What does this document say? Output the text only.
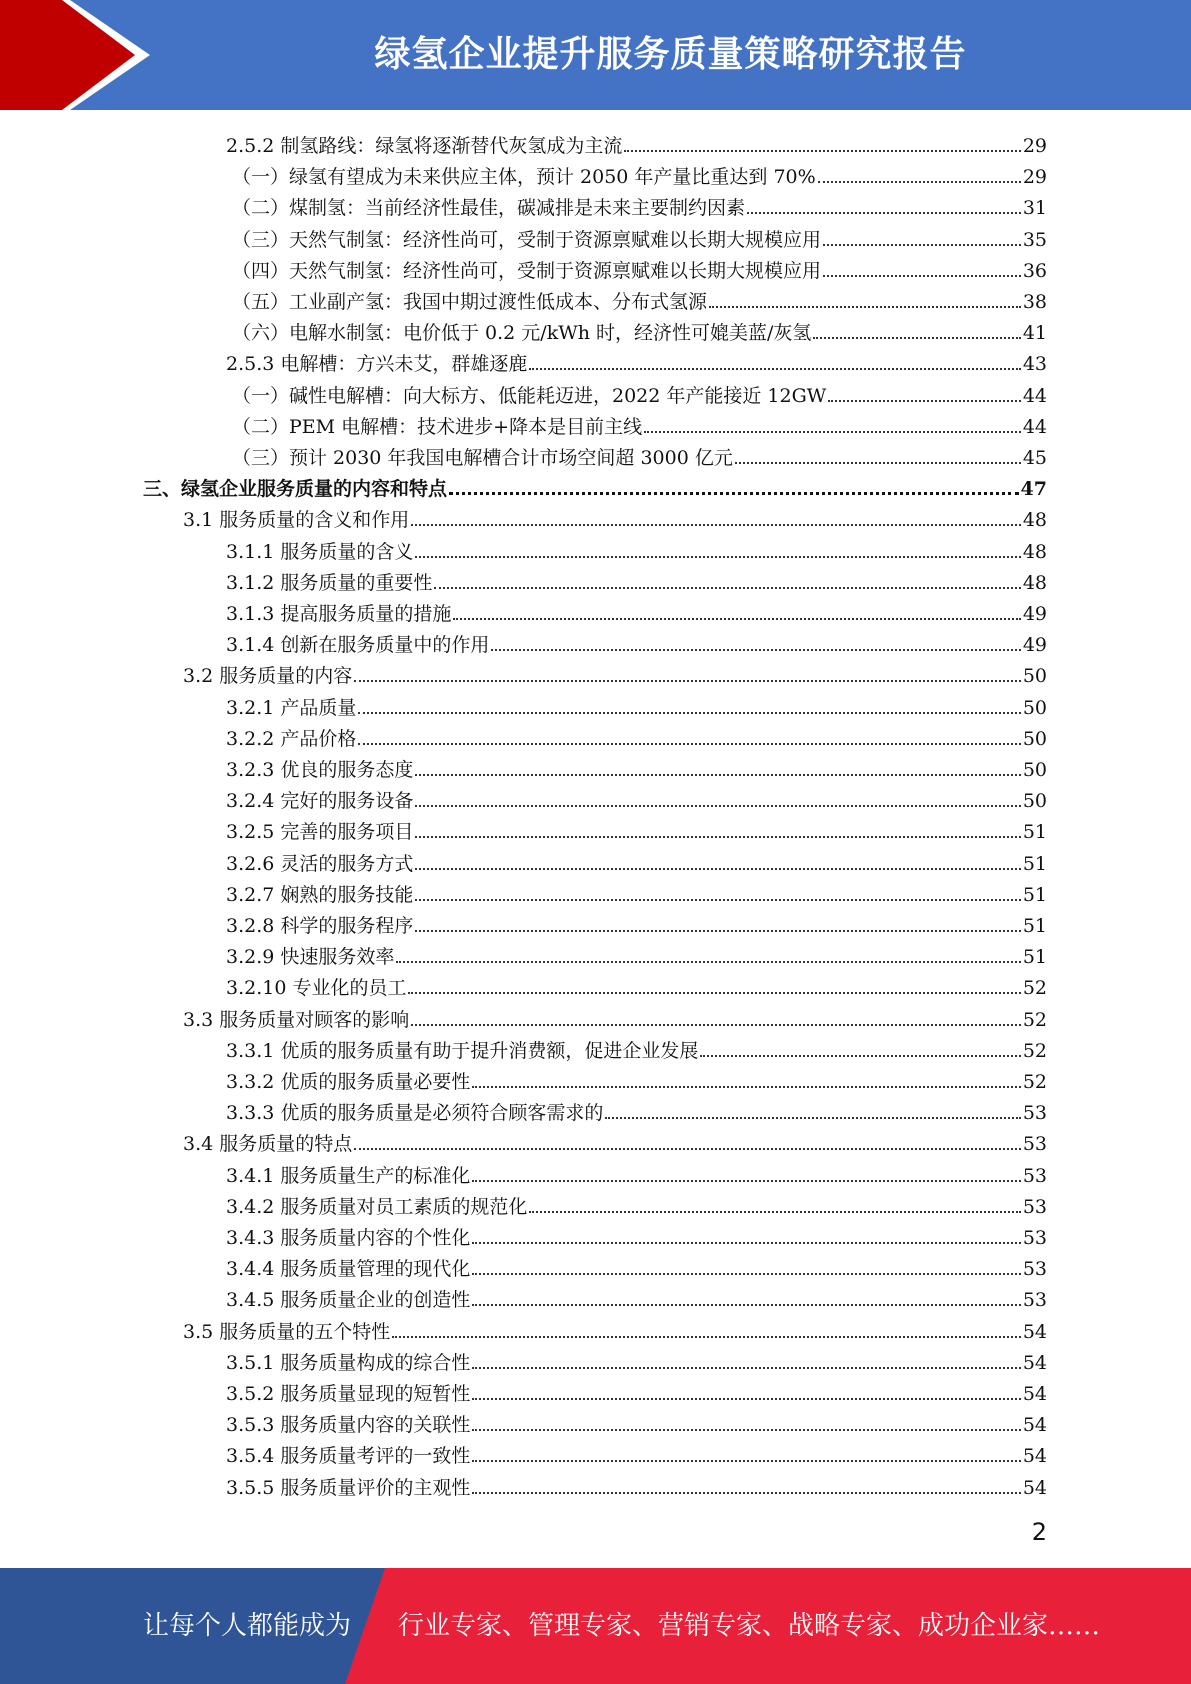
绿氢企业提升服务质量策略研究报告
2.5.2 制氢路线：绿氢将逐渐替代灰氢成为主流	29
（一）绿氢有望成为未来供应主体，预计 2050 年产量比重达到 70%	29
（二）煤制氢：当前经济性最佳，碳减排是未来主要制约因素	31
（三）天然气制氢：经济性尚可，受制于资源禀赋难以长期大规模应用	35
（四）天然气制氢：经济性尚可，受制于资源禀赋难以长期大规模应用	36
（五）工业副产氢：我国中期过渡性低成本、分布式氢源	38
（六）电解水制氢：电价低于 0.2 元/kWh 时，经济性可媲美蓝/灰氢	41
2.5.3 电解槽：方兴未艾，群雄逐鹿	43
（一）碱性电解槽：向大标方、低能耗迈进，2022 年产能接近 12GW	44
（二）PEM 电解槽：技术进步+降本是目前主线	44
（三）预计 2030 年我国电解槽合计市场空间超 3000 亿元	45
三、绿氢企业服务质量的内容和特点	47
3.1 服务质量的含义和作用	48
3.1.1 服务质量的含义	48
3.1.2 服务质量的重要性	48
3.1.3 提高服务质量的措施	49
3.1.4 创新在服务质量中的作用	49
3.2 服务质量的内容	50
3.2.1 产品质量	50
3.2.2 产品价格	50
3.2.3 优良的服务态度	50
3.2.4 完好的服务设备	50
3.2.5 完善的服务项目	51
3.2.6 灵活的服务方式	51
3.2.7 娴熟的服务技能	51
3.2.8 科学的服务程序	51
3.2.9 快速服务效率	51
3.2.10 专业化的员工	52
3.3 服务质量对顾客的影响	52
3.3.1 优质的服务质量有助于提升消费额，促进企业发展	52
3.3.2 优质的服务质量必要性	52
3.3.3 优质的服务质量是必须符合顾客需求的	53
3.4 服务质量的特点	53
3.4.1 服务质量生产的标准化	53
3.4.2 服务质量对员工素质的规范化	53
3.4.3 服务质量内容的个性化	53
3.4.4 服务质量管理的现代化	53
3.4.5 服务质量企业的创造性	53
3.5 服务质量的五个特性	54
3.5.1 服务质量构成的综合性	54
3.5.2 服务质量显现的短暂性	54
3.5.3 服务质量内容的关联性	54
3.5.4 服务质量考评的一致性	54
3.5.5 服务质量评价的主观性	54
2
让每个人都能成为 行业专家、管理专家、营销专家、战略专家、成功企业家……
